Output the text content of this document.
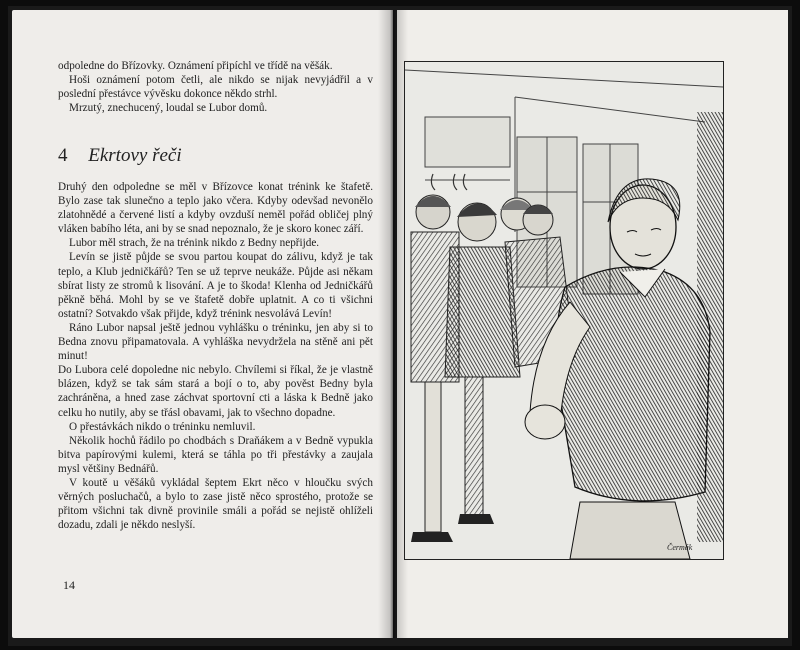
odpoledne do Břízovky. Oznámení připíchl ve třídě na věšák.

Hoši oznámení potom četli, ale nikdo se nijak nevyjádřil a v poslední přestávce vývěsku dokonce někdo strhl.

Mrzutý, znechucený, loudal se Lubor domů.

4 Ekrtovy řeči

Druhý den odpoledne se měl v Břízovce konat trénink ke štafetě. Bylo zase tak slunečno a teplo jako včera. Kdyby odevšad nevonělo zlatohnědé a červené listí a kdyby ovzduší neměl pořád obličej plný vláken babího léta, ani by se snad nepoznalo, že je skoro konec září.

Lubor měl strach, že na trénink nikdo z Bedny nepřijde.

Levín se jistě půjde se svou partou koupat do zálivu, když je tak teplo, a Klub jedničkářů? Ten se už teprve neukáže. Půjde asi někam sbírat listy ze stromů k lisování. A je to škoda! Klenha od Jedničkářů pěkně běhá. Mohl by se ve štafetě dobře uplatnit. A co ti všichni ostatní? Sotvakdo však přijde, když trénink nesvolává Levín!

Ráno Lubor napsal ještě jednou vyhlášku o tréninku, jen aby si to Bedna znovu připamatovala. A vyhláška nevydržela na stěně ani pět minut!

Do Lubora celé dopoledne nic nebylo. Chvílemi si říkal, že je vlastně blázen, když se tak sám stará a bojí o to, aby pověst Bedny byla zachráněna, a hned zase záchvat sportovní cti a láska k Bedně jako celku ho nutily, aby se třásl obavami, jak to všechno dopadne.

O přestávkách nikdo o tréninku nemluvil.

Několik hochů řádilo po chodbách s Draňákem a v Bedně vypukla bitva papírovými kulemi, která se táhla po tři přestávky a zaujala mysl většiny Bednářů.

V koutě u věšáků vykládal šeptem Ekrt něco v hloučku svých věrných posluchačů, a bylo to zase jistě něco sprostého, protože se přitom všichni tak divně provinile smáli a pořád se nejistě ohlíželi dozadu, zdali je někdo neslyší.

14
Čermák
